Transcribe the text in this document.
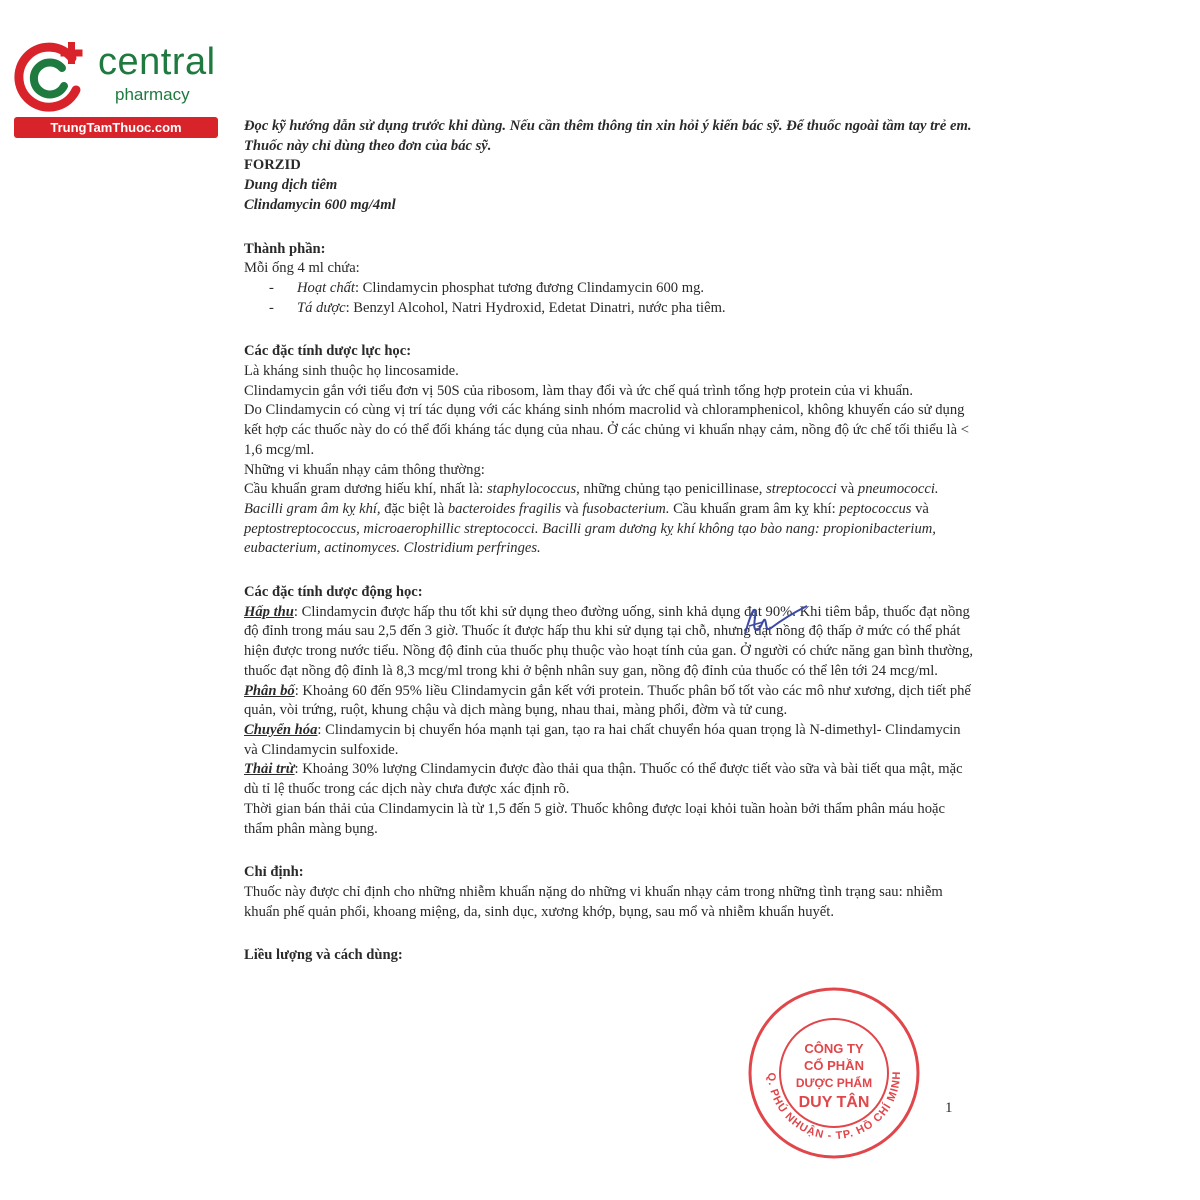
central
pharmacy
TrungTamThuoc.com	Đọc kỹ hướng dẫn sử dụng trước khi dùng. Nếu cần thêm thông tin xin hỏi ý kiến bác sỹ. Để thuốc ngoài tầm tay trẻ em. Thuốc này chỉ dùng theo đơn của bác sỹ.

FORZID

Dung dịch tiêm

Clindamycin 600 mg/4ml

Thành phần:

Mỗi ống 4 ml chứa:

- Hoạt chất: Clindamycin phosphat tương đương Clindamycin 600 mg.
- Tá dược: Benzyl Alcohol, Natri Hydroxid, Edetat Dinatri, nước pha tiêm.

Các đặc tính dược lực học:

Là kháng sinh thuộc họ lincosamide.

Clindamycin gắn với tiểu đơn vị 50S của ribosom, làm thay đổi và ức chế quá trình tổng hợp protein của vi khuẩn.

Do Clindamycin có cùng vị trí tác dụng với các kháng sinh nhóm macrolid và chloramphenicol, không khuyến cáo sử dụng kết hợp các thuốc này do có thể đối kháng tác dụng của nhau. Ở các chủng vi khuẩn nhạy cảm, nồng độ ức chế tối thiểu là < 1,6 mcg/ml.

Những vi khuẩn nhạy cảm thông thường:

Cầu khuẩn gram dương hiếu khí, nhất là: staphylococcus, những chủng tạo penicillinase, streptococci và pneumococci. Bacilli gram âm kỵ khí, đặc biệt là bacteroides fragilis và fusobacterium. Cầu khuẩn gram âm kỵ khí: peptococcus và peptostreptococcus, microaerophillic streptococci. Bacilli gram dương kỵ khí không tạo bào nang: propionibacterium, eubacterium, actinomyces. Clostridium perfringes.

Các đặc tính dược động học:

Hấp thu: Clindamycin được hấp thu tốt khi sử dụng theo đường uống, sinh khả dụng đạt 90%. Khi tiêm bắp, thuốc đạt nồng độ đỉnh trong máu sau 2,5 đến 3 giờ. Thuốc ít được hấp thu khi sử dụng tại chỗ, nhưng đạt nồng độ thấp ở mức có thể phát hiện được trong nước tiểu. Nồng độ đỉnh của thuốc phụ thuộc vào hoạt tính của gan. Ở người có chức năng gan bình thường, thuốc đạt nồng độ đỉnh là 8,3 mcg/ml trong khi ở bệnh nhân suy gan, nồng độ đỉnh của thuốc có thể lên tới 24 mcg/ml.

Phân bố: Khoảng 60 đến 95% liều Clindamycin gắn kết với protein. Thuốc phân bố tốt vào các mô như xương, dịch tiết phế quản, vòi trứng, ruột, khung chậu và dịch màng bụng, nhau thai, màng phổi, đờm và tử cung.

Chuyển hóa: Clindamycin bị chuyển hóa mạnh tại gan, tạo ra hai chất chuyển hóa quan trọng là N-dimethyl- Clindamycin và Clindamycin sulfoxide.

Thải trừ: Khoảng 30% lượng Clindamycin được đào thải qua thận. Thuốc có thể được tiết vào sữa và bài tiết qua mật, mặc dù tỉ lệ thuốc trong các dịch này chưa được xác định rõ.

Thời gian bán thải của Clindamycin là từ 1,5 đến 5 giờ. Thuốc không được loại khỏi tuần hoàn bởi thẩm phân máu hoặc thẩm phân màng bụng.

Chỉ định:

Thuốc này được chỉ định cho những nhiễm khuẩn nặng do những vi khuẩn nhạy cảm trong những tình trạng sau: nhiễm khuẩn phế quản phổi, khoang miệng, da, sinh dục, xương khớp, bụng, sau mổ và nhiễm khuẩn huyết.

Liều lượng và cách dùng:

Q. PHÚ NHUẬN - TP. HỒ CHÍ MINH
CÔNG TY
CỔ PHẦN
DƯỢC PHẨM
DUY TÂN	1
